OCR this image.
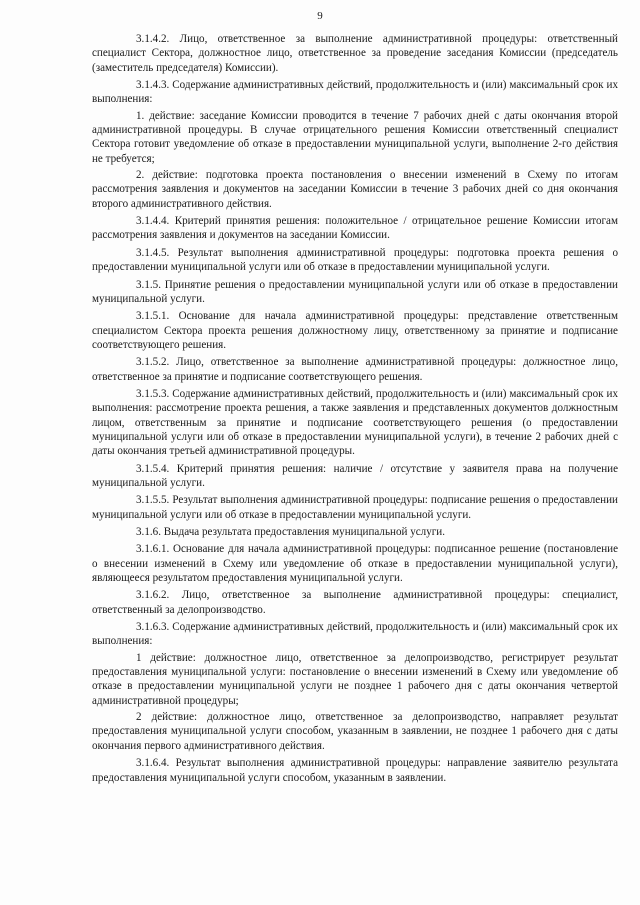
9

3.1.4.2. Лицо, ответственное за выполнение административной процедуры: ответственный специалист Сектора, должностное лицо, ответственное за проведение заседания Комиссии (председатель (заместитель председателя) Комиссии).

3.1.4.3. Содержание административных действий, продолжительность и (или) максимальный срок их выполнения:

1. действие: заседание Комиссии проводится в течение 7 рабочих дней с даты окончания второй административной процедуры. В случае отрицательного решения Комиссии ответственный специалист Сектора готовит уведомление об отказе в предоставлении муниципальной услуги, выполнение 2-го действия не требуется;

2. действие: подготовка проекта постановления о внесении изменений в Схему по итогам рассмотрения заявления и документов на заседании Комиссии в течение 3 рабочих дней со дня окончания второго административного действия.

3.1.4.4. Критерий принятия решения: положительное / отрицательное решение Комиссии итогам рассмотрения заявления и документов на заседании Комиссии.

3.1.4.5. Результат выполнения административной процедуры: подготовка проекта решения о предоставлении муниципальной услуги или об отказе в предоставлении муниципальной услуги.

3.1.5. Принятие решения о предоставлении муниципальной услуги или об отказе в предоставлении муниципальной услуги.

3.1.5.1. Основание для начала административной процедуры: представление ответственным специалистом Сектора проекта решения должностному лицу, ответственному за принятие и подписание соответствующего решения.

3.1.5.2. Лицо, ответственное за выполнение административной процедуры: должностное лицо, ответственное за принятие и подписание соответствующего решения.

3.1.5.3. Содержание административных действий, продолжительность и (или) максимальный срок их выполнения: рассмотрение проекта решения, а также заявления и представленных документов должностным лицом, ответственным за принятие и подписание соответствующего решения (о предоставлении муниципальной услуги или об отказе в предоставлении муниципальной услуги), в течение 2 рабочих дней с даты окончания третьей административной процедуры.

3.1.5.4. Критерий принятия решения: наличие / отсутствие у заявителя права на получение муниципальной услуги.

3.1.5.5. Результат выполнения административной процедуры: подписание решения о предоставлении муниципальной услуги или об отказе в предоставлении муниципальной услуги.

3.1.6. Выдача результата предоставления муниципальной услуги.

3.1.6.1. Основание для начала административной процедуры: подписанное решение (постановление о внесении изменений в Схему или уведомление об отказе в предоставлении муниципальной услуги), являющееся результатом предоставления муниципальной услуги.

3.1.6.2. Лицо, ответственное за выполнение административной процедуры: специалист, ответственный за делопроизводство.

3.1.6.3. Содержание административных действий, продолжительность и (или) максимальный срок их выполнения:

1 действие: должностное лицо, ответственное за делопроизводство, регистрирует результат предоставления муниципальной услуги: постановление о внесении изменений в Схему или уведомление об отказе в предоставлении муниципальной услуги не позднее 1 рабочего дня с даты окончания четвертой административной процедуры;

2 действие: должностное лицо, ответственное за делопроизводство, направляет результат предоставления муниципальной услуги способом, указанным в заявлении, не позднее 1 рабочего дня с даты окончания первого административного действия.

3.1.6.4. Результат выполнения административной процедуры: направление заявителю результата предоставления муниципальной услуги способом, указанным в заявлении.
